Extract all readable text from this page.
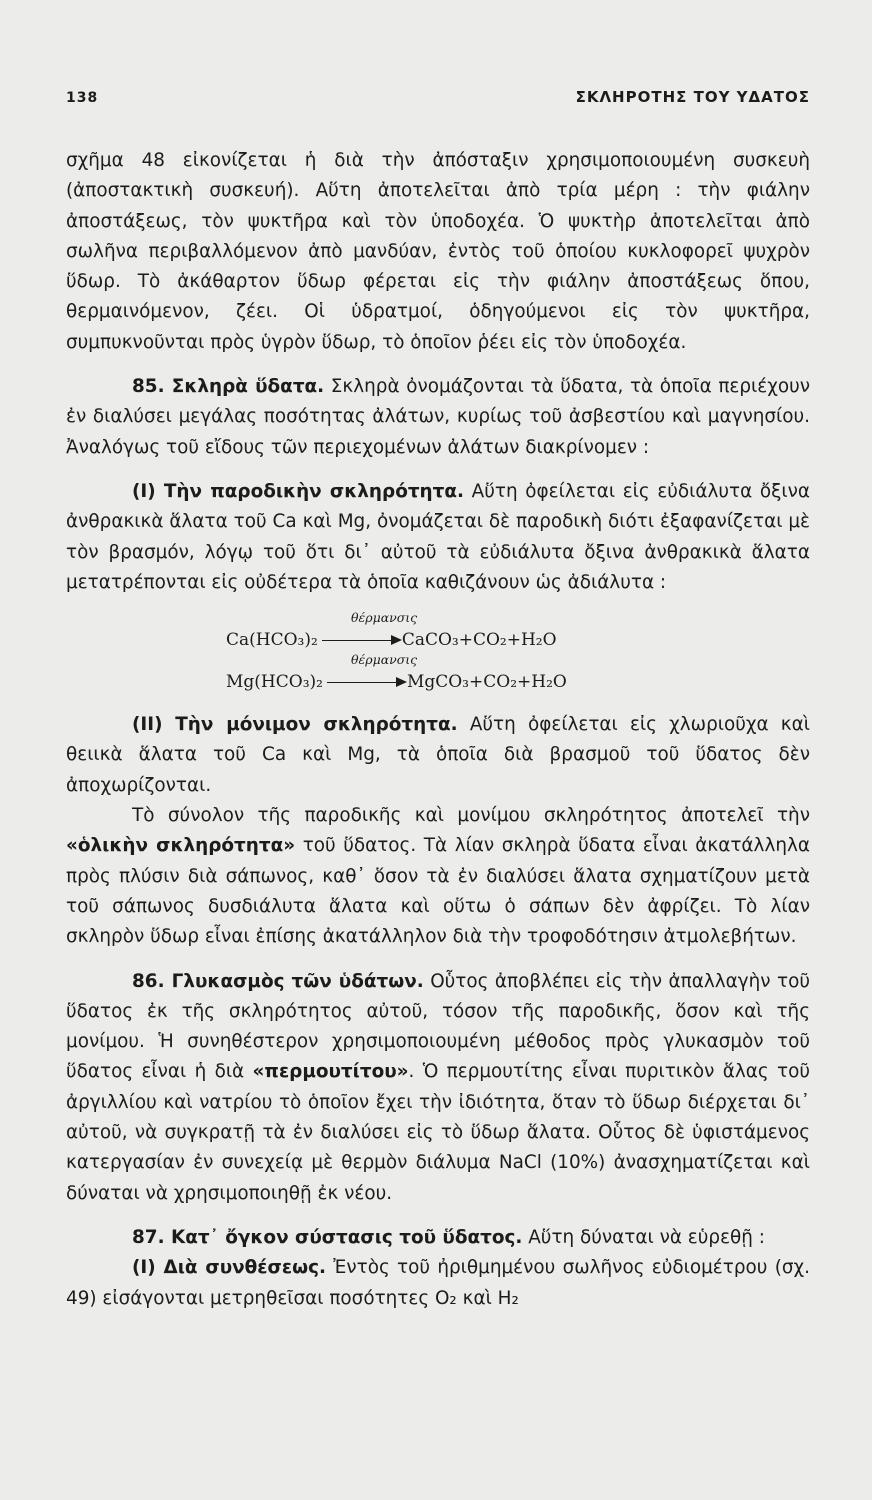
138	ΣΚΛΗΡΟΤΗΣ ΤΟΥ ΥΔΑΤΟΣ

σχῆμα 48 εἰκονίζεται ἡ διὰ τὴν ἀπόσταξιν χρησιμοποιουμένη συσκευὴ (ἀποστακτικὴ συσκευή). Αὕτη ἀποτελεῖται ἀπὸ τρία μέρη : τὴν φιάλην ἀποστάξεως, τὸν ψυκτῆρα καὶ τὸν ὑποδοχέα. Ὁ ψυκτὴρ ἀποτελεῖται ἀπὸ σωλῆνα περιβαλλόμενον ἀπὸ μανδύαν, ἐντὸς τοῦ ὁποίου κυκλοφορεῖ ψυχρὸν ὕδωρ. Τὸ ἀκάθαρτον ὕδωρ φέρεται εἰς τὴν φιάλην ἀποστάξεως ὅπου, θερμαινόμενον, ζέει. Οἱ ὑδρατμοί, ὁδηγούμενοι εἰς τὸν ψυκτῆρα, συμπυκνοῦνται πρὸς ὑγρὸν ὕδωρ, τὸ ὁποῖον ῥέει εἰς τὸν ὑποδοχέα.

85. Σκληρὰ ὕδατα. Σκληρὰ ὀνομάζονται τὰ ὕδατα, τὰ ὁποῖα περιέχουν ἐν διαλύσει μεγάλας ποσότητας ἀλάτων, κυρίως τοῦ ἀσβεστίου καὶ μαγνησίου. Ἀναλόγως τοῦ εἴδους τῶν περιεχομένων ἀλάτων διακρίνομεν :

(I) Τὴν παροδικὴν σκληρότητα. Αὕτη ὀφείλεται εἰς εὐδιάλυτα ὄξινα ἀνθρακικὰ ἅλατα τοῦ Ca καὶ Mg, ὀνομάζεται δὲ παροδικὴ διότι ἐξαφανίζεται μὲ τὸν βρασμόν, λόγῳ τοῦ ὅτι δι᾿ αὐτοῦ τὰ εὐδιάλυτα ὄξινα ἀνθρακικὰ ἅλατα μετατρέπονται εἰς οὐδέτερα τὰ ὁποῖα καθιζάνουν ὡς ἀδιάλυτα :

θέρμανσις
Ca(HCO₃)₂	CaCO₃+CO₂+H₂O
θέρμανσις
Mg(HCO₃)₂	MgCO₃+CO₂+H₂O

(II) Τὴν μόνιμον σκληρότητα. Αὕτη ὀφείλεται εἰς χλωριοῦχα καὶ θειικὰ ἅλατα τοῦ Ca καὶ Mg, τὰ ὁποῖα διὰ βρασμοῦ τοῦ ὕδατος δὲν ἀποχωρίζονται.

Τὸ σύνολον τῆς παροδικῆς καὶ μονίμου σκληρότητος ἀποτελεῖ τὴν «ὁλικὴν σκληρότητα» τοῦ ὕδατος. Τὰ λίαν σκληρὰ ὕδατα εἶναι ἀκατάλληλα πρὸς πλύσιν διὰ σάπωνος, καθ᾿ ὅσον τὰ ἐν διαλύσει ἅλατα σχηματίζουν μετὰ τοῦ σάπωνος δυσδιάλυτα ἅλατα καὶ οὕτω ὁ σάπων δὲν ἀφρίζει. Τὸ λίαν σκληρὸν ὕδωρ εἶναι ἐπίσης ἀκατάλληλον διὰ τὴν τροφοδότησιν ἀτμολεβήτων.

86. Γλυκασμὸς τῶν ὑδάτων. Οὗτος ἀποβλέπει εἰς τὴν ἀπαλλαγὴν τοῦ ὕδατος ἐκ τῆς σκληρότητος αὐτοῦ, τόσον τῆς παροδικῆς, ὅσον καὶ τῆς μονίμου. Ἡ συνηθέστερον χρησιμοποιουμένη μέθοδος πρὸς γλυκασμὸν τοῦ ὕδατος εἶναι ἡ διὰ «περμουτίτου». Ὁ περμουτίτης εἶναι πυριτικὸν ἅλας τοῦ ἀργιλλίου καὶ νατρίου τὸ ὁποῖον ἔχει τὴν ἰδιότητα, ὅταν τὸ ὕδωρ διέρχεται δι᾿ αὐτοῦ, νὰ συγκρατῇ τὰ ἐν διαλύσει εἰς τὸ ὕδωρ ἅλατα. Οὗτος δὲ ὑφιστάμενος κατεργασίαν ἐν συνεχείᾳ μὲ θερμὸν διάλυμα NaCl (10%) ἀνασχηματίζεται καὶ δύναται νὰ χρησιμοποιηθῇ ἐκ νέου.

87. Κατ᾿ ὄγκον σύστασις τοῦ ὕδατος. Αὕτη δύναται νὰ εὑρεθῇ :

(I) Διὰ συνθέσεως. Ἐντὸς τοῦ ἠριθμημένου σωλῆνος εὐδιομέτρου (σχ. 49) εἰσάγονται μετρηθεῖσαι ποσότητες O₂ καὶ H₂
